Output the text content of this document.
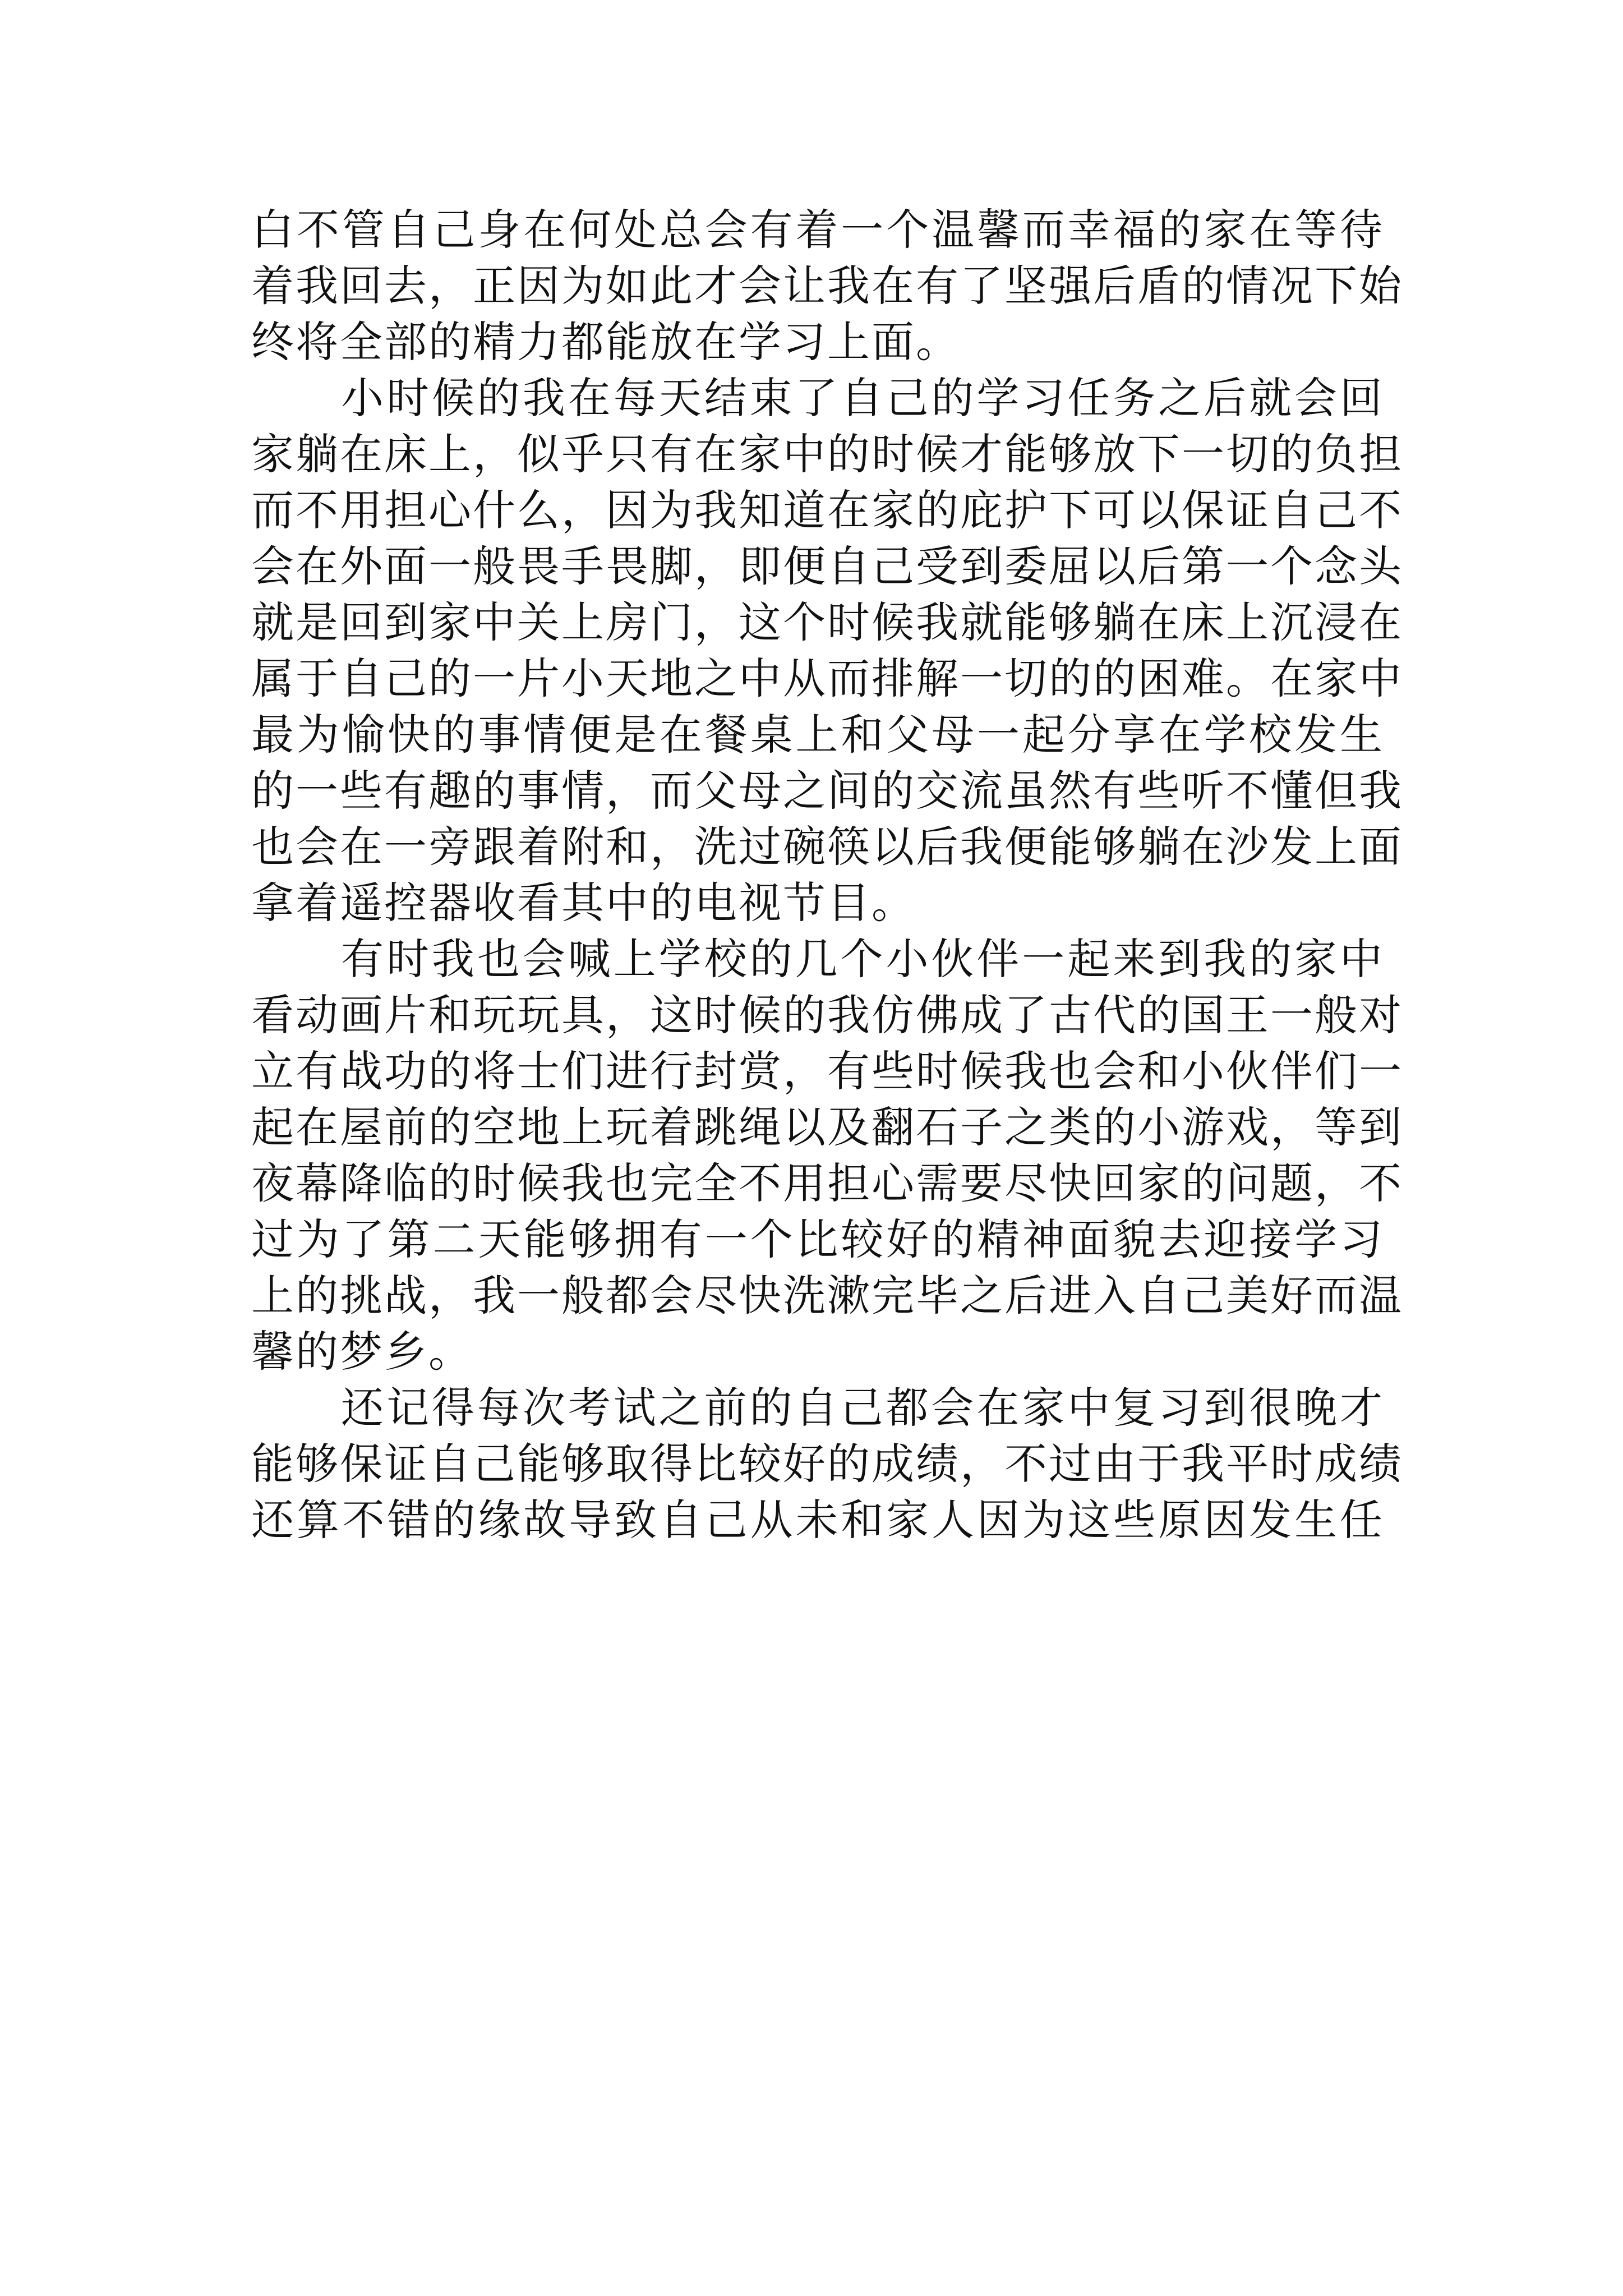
白不管自己身在何处总会有着一个温馨而幸福的家在等待
着我回去，正因为如此才会让我在有了坚强后盾的情况下始
终将全部的精力都能放在学习上面。
小时候的我在每天结束了自己的学习任务之后就会回
家躺在床上，似乎只有在家中的时候才能够放下一切的负担
而不用担心什么，因为我知道在家的庇护下可以保证自己不
会在外面一般畏手畏脚，即便自己受到委屈以后第一个念头
就是回到家中关上房门，这个时候我就能够躺在床上沉浸在
属于自己的一片小天地之中从而排解一切的的困难。在家中
最为愉快的事情便是在餐桌上和父母一起分享在学校发生
的一些有趣的事情，而父母之间的交流虽然有些听不懂但我
也会在一旁跟着附和，洗过碗筷以后我便能够躺在沙发上面
拿着遥控器收看其中的电视节目。
有时我也会喊上学校的几个小伙伴一起来到我的家中
看动画片和玩玩具，这时候的我仿佛成了古代的国王一般对
立有战功的将士们进行封赏，有些时候我也会和小伙伴们一
起在屋前的空地上玩着跳绳以及翻石子之类的小游戏，等到
夜幕降临的时候我也完全不用担心需要尽快回家的问题，不
过为了第二天能够拥有一个比较好的精神面貌去迎接学习
上的挑战，我一般都会尽快洗漱完毕之后进入自己美好而温
馨的梦乡。
还记得每次考试之前的自己都会在家中复习到很晚才
能够保证自己能够取得比较好的成绩，不过由于我平时成绩
还算不错的缘故导致自己从未和家人因为这些原因发生任
